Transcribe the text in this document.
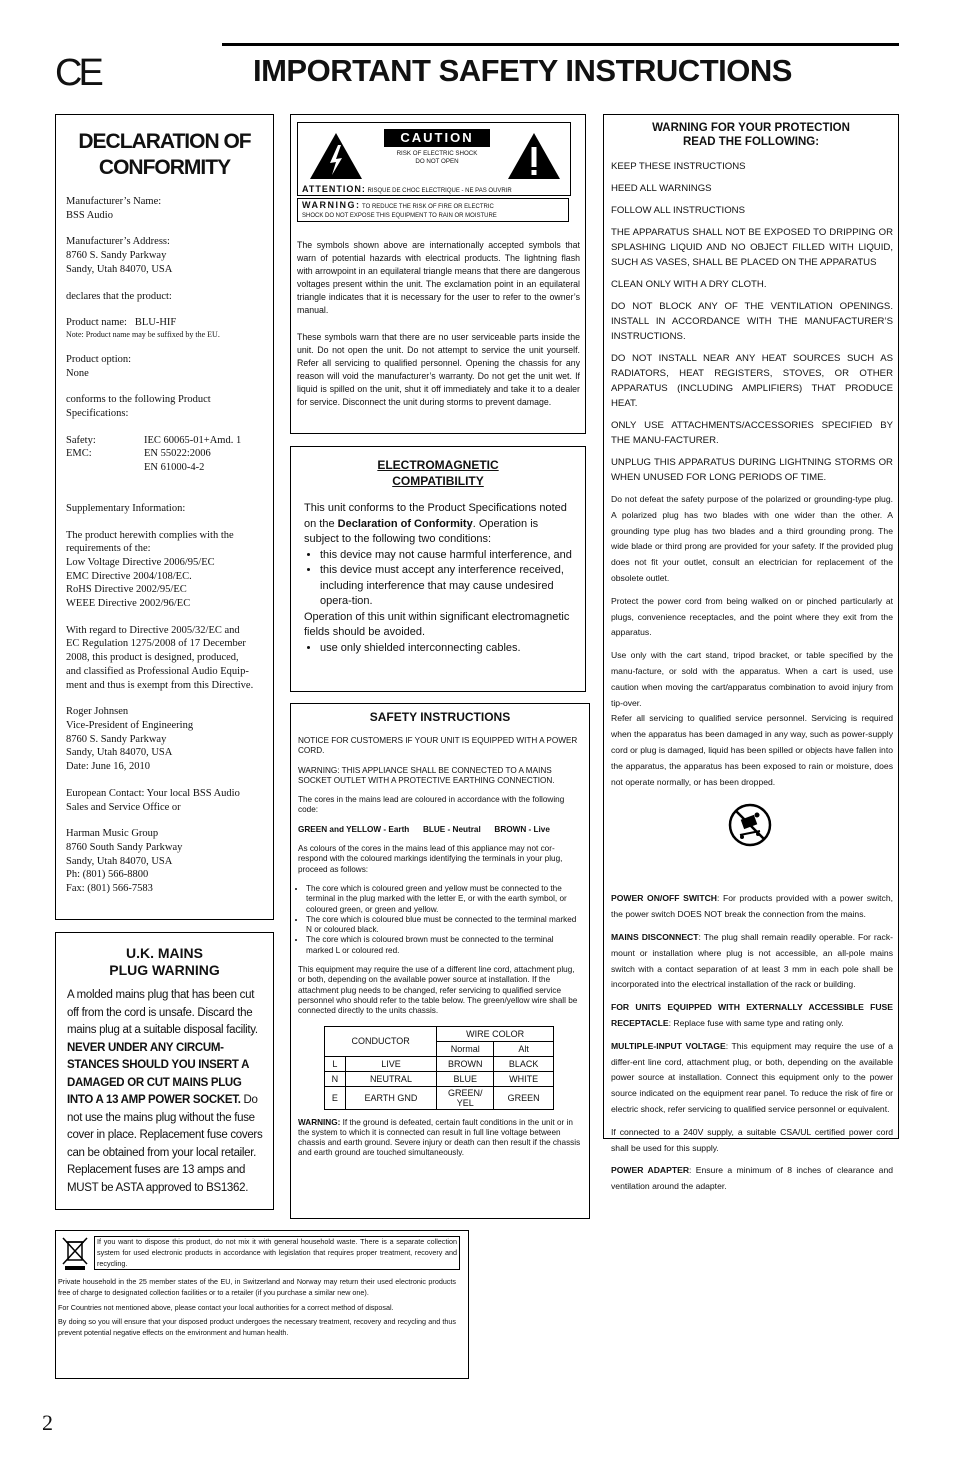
CE	IMPORTANT SAFETY INSTRUCTIONS
DECLARATION OF
CONFORMITY
Manufacturer’s Name:
BSS Audio
Manufacturer’s Address:
8760 S. Sandy Parkway
Sandy, Utah 84070, USA
declares that the product:
Product name: BLU-HIF
Note: Product name may be suffixed by the EU.
Product option:
None
conforms to the following Product
Specifications:
Safety:	IEC 60065-01+Amd. 1
EMC:	EN 55022:2006
EN 61000-4-2
Supplementary Information:
The product herewith complies with the
requirements of the:
Low Voltage Directive 2006/95/EC
EMC Directive 2004/108/EC.
RoHS Directive 2002/95/EC
WEEE Directive 2002/96/EC
With regard to Directive 2005/32/EC and
EC Regulation 1275/2008 of 17 December
2008, this product is designed, produced,
and classified as Professional Audio Equip-
ment and thus is exempt from this Directive.
Roger Johnsen
Vice-President of Engineering
8760 S. Sandy Parkway
Sandy, Utah 84070, USA
Date: June 16, 2010
European Contact: Your local BSS Audio
Sales and Service Office or
Harman Music Group
8760 South Sandy Parkway
Sandy, Utah 84070, USA
Ph: (801) 566-8800
Fax: (801) 566-7583
U.K. MAINS
PLUG WARNING
A molded mains plug that has been cut off from the cord is unsafe. Discard the mains plug at a suitable disposal facility. NEVER UNDER ANY CIRCUM-STANCES SHOULD YOU INSERT A DAMAGED OR CUT MAINS PLUG INTO A 13 AMP POWER SOCKET. Do not use the mains plug without the fuse cover in place. Replacement fuse covers can be obtained from your local retailer. Replacement fuses are 13 amps and MUST be ASTA approved to BS1362.
CAUTION
RISK OF ELECTRIC SHOCK
DO NOT OPEN
ATTENTION: RISQUE DE CHOC ELECTRIQUE - NE PAS OUVRIR
WARNING: TO REDUCE THE RISK OF FIRE OR ELECTRIC
SHOCK DO NOT EXPOSE THIS EQUIPMENT TO RAIN OR MOISTURE

The symbols shown above are internationally accepted symbols that warn of potential hazards with electrical products. The lightning flash with arrowpoint in an equilateral triangle means that there are dangerous voltages present within the unit. The exclamation point in an equilateral triangle indicates that it is necessary for the user to refer to the owner’s manual.

These symbols warn that there are no user serviceable parts inside the unit. Do not open the unit. Do not attempt to service the unit yourself. Refer all servicing to qualified personnel. Opening the chassis for any reason will void the manufacturer’s warranty. Do not get the unit wet. If liquid is spilled on the unit, shut it off immediately and take it to a dealer for service. Disconnect the unit during storms to prevent damage.

ELECTROMAGNETIC
COMPATIBILITY
This unit conforms to the Product Specifications noted on the Declaration of Conformity. Operation is subject to the following two conditions:
• this device may not cause harmful interference, and
• this device must accept any interference received, including interference that may cause undesired opera-tion.
Operation of this unit within significant electromagnetic fields should be avoided.
• use only shielded interconnecting cables.
SAFETY INSTRUCTIONS

NOTICE FOR CUSTOMERS IF YOUR UNIT IS EQUIPPED WITH A POWER CORD.

WARNING: THIS APPLIANCE SHALL BE CONNECTED TO A MAINS SOCKET OUTLET WITH A PROTECTIVE EARTHING CONNECTION.

The cores in the mains lead are coloured in accordance with the following code:

GREEN and YELLOW - Earth BLUE - Neutral BROWN - Live

As colours of the cores in the mains lead of this appliance may not cor-respond with the coloured markings identifying the terminals in your plug, proceed as follows:

• The core which is coloured green and yellow must be connected to the terminal in the plug marked with the letter E, or with the earth symbol, or coloured green, or green and yellow.
• The core which is coloured blue must be connected to the terminal marked N or coloured black.
• The core which is coloured brown must be connected to the terminal marked L or coloured red.

This equipment may require the use of a different line cord, attachment plug, or both, depending on the available power source at installation. If the attachment plug needs to be changed, refer servicing to qualified service personnel who should refer to the table below. The green/yellow wire shall be connected directly to the units chassis.

CONDUCTOR		WIRE COLOR	
		Normal	Alt
L	LIVE	BROWN	BLACK
N	NEUTRAL	BLUE	WHITE
E	EARTH GND	GREEN/ YEL	GREEN

WARNING: If the ground is defeated, certain fault conditions in the unit or in the system to which it is connected can result in full line voltage between chassis and earth ground. Severe injury or death can then result if the chassis and earth ground are touched simultaneously.

WARNING FOR YOUR PROTECTION
READ THE FOLLOWING:

KEEP THESE INSTRUCTIONS

HEED ALL WARNINGS

FOLLOW ALL INSTRUCTIONS

THE APPARATUS SHALL NOT BE EXPOSED TO DRIPPING OR SPLASHING LIQUID AND NO OBJECT FILLED WITH LIQUID, SUCH AS VASES, SHALL BE PLACED ON THE APPARATUS

CLEAN ONLY WITH A DRY CLOTH.

DO NOT BLOCK ANY OF THE VENTILATION OPENINGS. INSTALL IN ACCORDANCE WITH THE MANUFACTURER’S INSTRUCTIONS.

DO NOT INSTALL NEAR ANY HEAT SOURCES SUCH AS RADIATORS, HEAT REGISTERS, STOVES, OR OTHER APPARATUS (INCLUDING AMPLIFIERS) THAT PRODUCE HEAT.

ONLY USE ATTACHMENTS/ACCESSORIES SPECIFIED BY THE MANU-FACTURER.

UNPLUG THIS APPARATUS DURING LIGHTNING STORMS OR WHEN UNUSED FOR LONG PERIODS OF TIME.

Do not defeat the safety purpose of the polarized or grounding-type plug. A polarized plug has two blades with one wider than the other. A grounding type plug has two blades and a third grounding prong. The wide blade or third prong are provided for your safety. If the provided plug does not fit your outlet, consult an electrician for replacement of the obsolete outlet.

Protect the power cord from being walked on or pinched particularly at plugs, convenience receptacles, and the point where they exit from the apparatus.

Use only with the cart stand, tripod bracket, or table specified by the manu-facture, or sold with the apparatus. When a cart is used, use caution when moving the cart/apparatus combination to avoid injury from tip-over.

Refer all servicing to qualified service personnel. Servicing is required when the apparatus has been damaged in any way, such as power-supply cord or plug is damaged, liquid has been spilled or objects have fallen into the apparatus, the apparatus has been exposed to rain or moisture, does not operate normally, or has been dropped.

POWER ON/OFF SWITCH: For products provided with a power switch, the power switch DOES NOT break the connection from the mains.

MAINS DISCONNECT: The plug shall remain readily operable. For rack-mount or installation where plug is not accessible, an all-pole mains switch with a contact separation of at least 3 mm in each pole shall be incorporated into the electrical installation of the rack or building.

FOR UNITS EQUIPPED WITH EXTERNALLY ACCESSIBLE FUSE RECEPTACLE: Replace fuse with same type and rating only.

MULTIPLE-INPUT VOLTAGE: This equipment may require the use of a differ-ent line cord, attachment plug, or both, depending on the available power source at installation. Connect this equipment only to the power source indicated on the equipment rear panel. To reduce the risk of fire or electric shock, refer servicing to qualified service personnel or equivalent.

If connected to a 240V supply, a suitable CSA/UL certified power cord shall be used for this supply.

POWER ADAPTER: Ensure a minimum of 8 inches of clearance and ventilation around the adapter.

If you want to dispose this product, do not mix it with general household waste. There is a separate collection system for used electronic products in accordance with legislation that requires proper treatment, recovery and recycling.

Private household in the 25 member states of the EU, in Switzerland and Norway may return their used electronic products free of charge to designated collection facilities or to a retailer (if you purchase a similar new one).

For Countries not mentioned above, please contact your local authorities for a correct method of disposal.

By doing so you will ensure that your disposed product undergoes the necessary treatment, recovery and recycling and thus prevent potential negative effects on the environment and human health.

2
